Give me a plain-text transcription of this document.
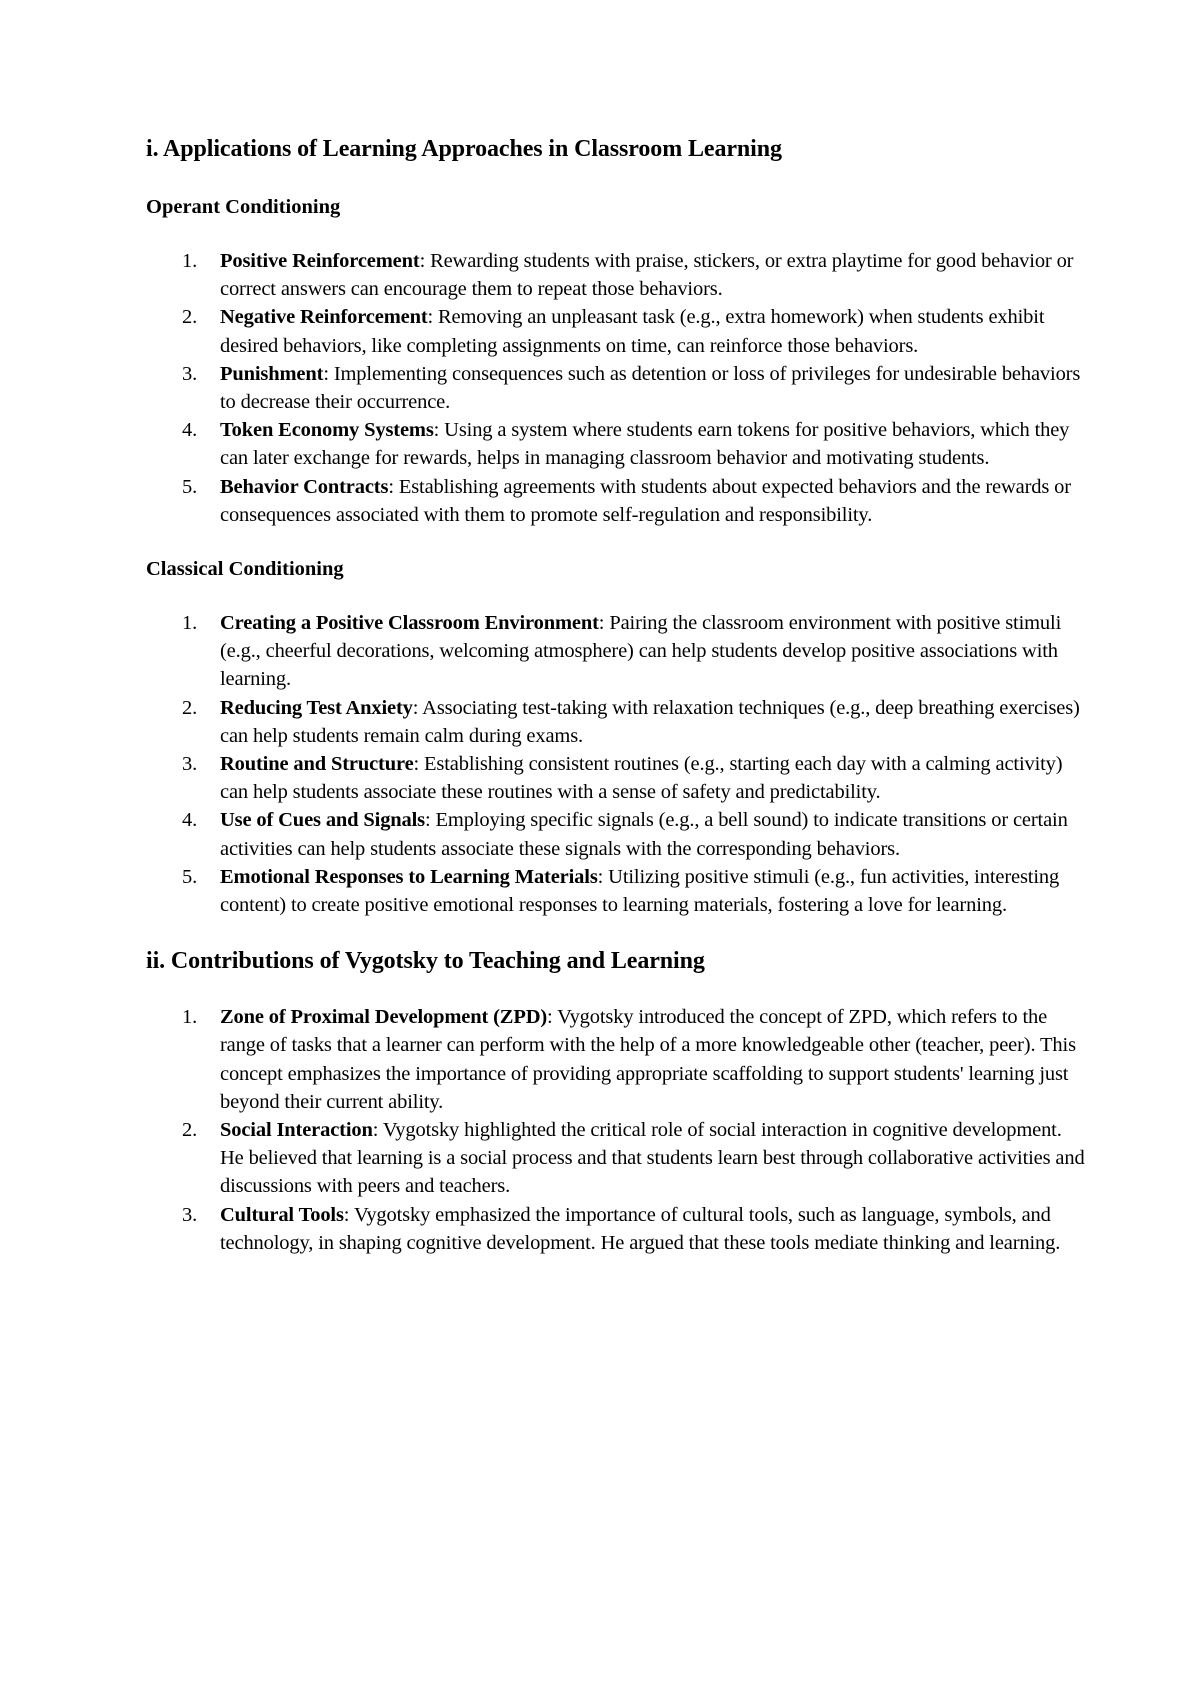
i. Applications of Learning Approaches in Classroom Learning
Operant Conditioning
1. Positive Reinforcement: Rewarding students with praise, stickers, or extra playtime for good behavior or correct answers can encourage them to repeat those behaviors.
2. Negative Reinforcement: Removing an unpleasant task (e.g., extra homework) when students exhibit desired behaviors, like completing assignments on time, can reinforce those behaviors.
3. Punishment: Implementing consequences such as detention or loss of privileges for undesirable behaviors to decrease their occurrence.
4. Token Economy Systems: Using a system where students earn tokens for positive behaviors, which they can later exchange for rewards, helps in managing classroom behavior and motivating students.
5. Behavior Contracts: Establishing agreements with students about expected behaviors and the rewards or consequences associated with them to promote self-regulation and responsibility.
Classical Conditioning
1. Creating a Positive Classroom Environment: Pairing the classroom environment with positive stimuli (e.g., cheerful decorations, welcoming atmosphere) can help students develop positive associations with learning.
2. Reducing Test Anxiety: Associating test-taking with relaxation techniques (e.g., deep breathing exercises) can help students remain calm during exams.
3. Routine and Structure: Establishing consistent routines (e.g., starting each day with a calming activity) can help students associate these routines with a sense of safety and predictability.
4. Use of Cues and Signals: Employing specific signals (e.g., a bell sound) to indicate transitions or certain activities can help students associate these signals with the corresponding behaviors.
5. Emotional Responses to Learning Materials: Utilizing positive stimuli (e.g., fun activities, interesting content) to create positive emotional responses to learning materials, fostering a love for learning.
ii. Contributions of Vygotsky to Teaching and Learning
1. Zone of Proximal Development (ZPD): Vygotsky introduced the concept of ZPD, which refers to the range of tasks that a learner can perform with the help of a more knowledgeable other (teacher, peer). This concept emphasizes the importance of providing appropriate scaffolding to support students' learning just beyond their current ability.
2. Social Interaction: Vygotsky highlighted the critical role of social interaction in cognitive development. He believed that learning is a social process and that students learn best through collaborative activities and discussions with peers and teachers.
3. Cultural Tools: Vygotsky emphasized the importance of cultural tools, such as language, symbols, and technology, in shaping cognitive development. He argued that these tools mediate thinking and learning.
